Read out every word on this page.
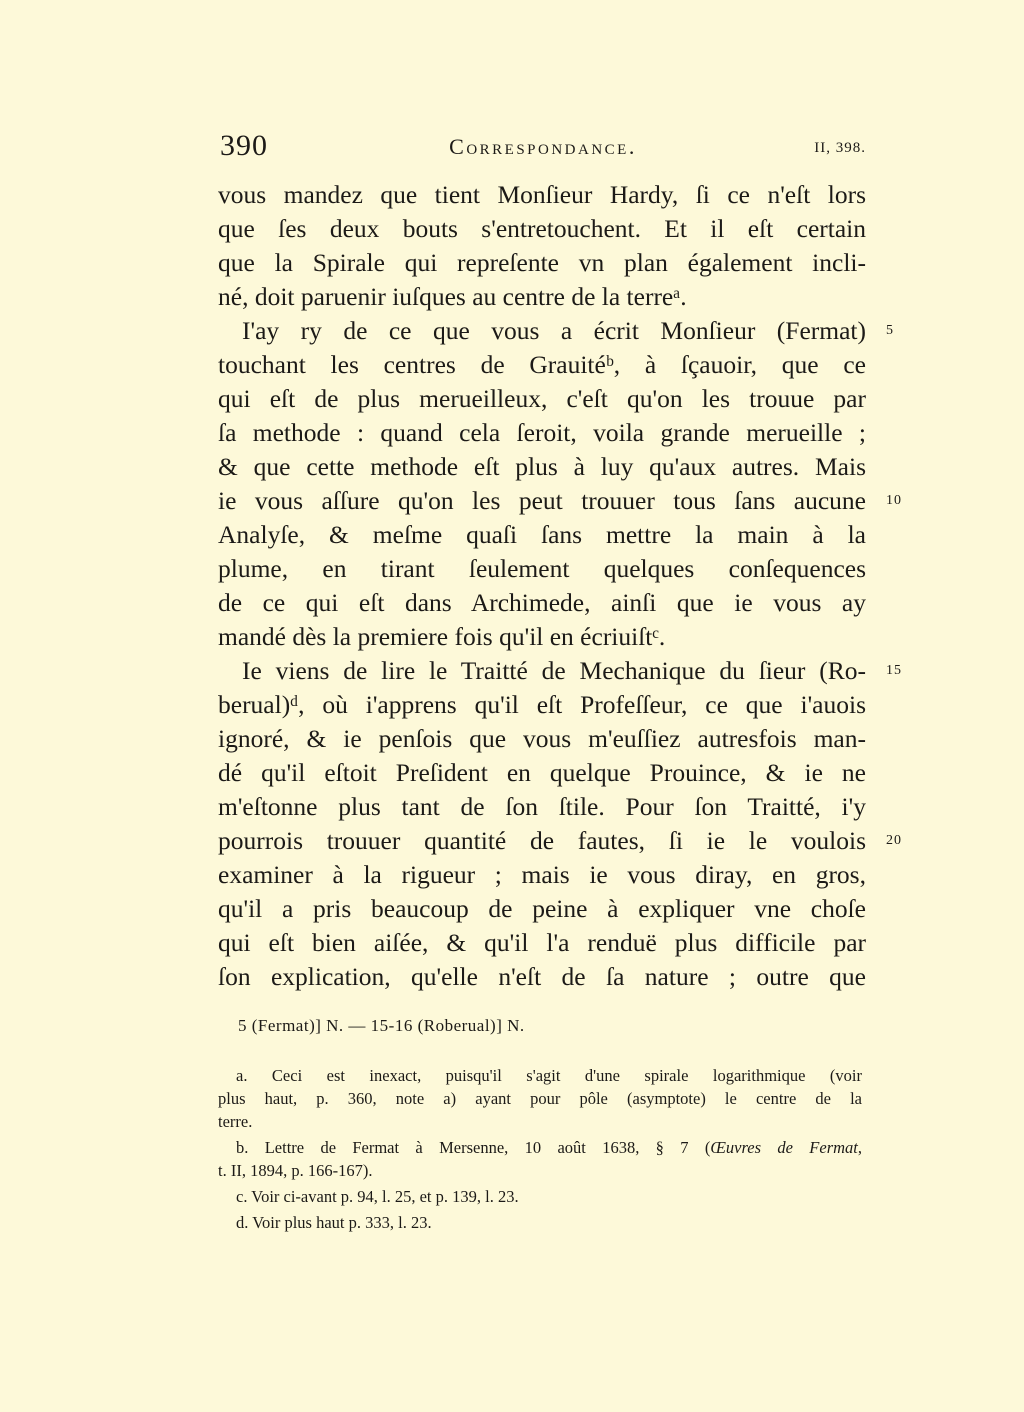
390	Correspondance.	II, 398.
vous mandez que tient Monſieur Hardy, ſi ce n'eſt lors
que ſes deux bouts s'entretouchent. Et il eſt certain
que la Spirale qui repreſente vn plan également incli-
né, doit paruenir iuſques au centre de la terreᵃ.
I'ay ry de ce que vous a écrit Monſieur (Fermat) 5
touchant les centres de Grauitéᵇ, à ſçauoir, que ce
qui eſt de plus merueilleux, c'eſt qu'on les trouue par
ſa methode : quand cela ſeroit, voila grande merueille ;
& que cette methode eſt plus à luy qu'aux autres. Mais
ie vous aſſure qu'on les peut trouuer tous ſans aucune 10
Analyſe, & meſme quaſi ſans mettre la main à la
plume, en tirant ſeulement quelques conſequences
de ce qui eſt dans Archimede, ainſi que ie vous ay
mandé dès la premiere fois qu'il en écriuiſtᶜ.
Ie viens de lire le Traitté de Mechanique du ſieur (Ro- 15
berual)ᵈ, où i'apprens qu'il eſt Profeſſeur, ce que i'auois
ignoré, & ie penſois que vous m'euſſiez autresfois man-
dé qu'il eſtoit Preſident en quelque Prouince, & ie ne
m'eſtonne plus tant de ſon ſtile. Pour ſon Traitté, i'y
pourrois trouuer quantité de fautes, ſi ie le voulois 20
examiner à la rigueur ; mais ie vous diray, en gros,
qu'il a pris beaucoup de peine à expliquer vne choſe
qui eſt bien aiſée, & qu'il l'a renduë plus difficile par
ſon explication, qu'elle n'eſt de ſa nature ; outre que
5 (Fermat)] N. — 15-16 (Roberual)] N.
a. Ceci est inexact, puisqu'il s'agit d'une spirale logarithmique (voir
plus haut, p. 360, note a) ayant pour pôle (asymptote) le centre de la
terre.
b. Lettre de Fermat à Mersenne, 10 août 1638, § 7 (Œuvres de Fermat,
t. II, 1894, p. 166-167).
c. Voir ci-avant p. 94, l. 25, et p. 139, l. 23.
d. Voir plus haut p. 333, l. 23.
